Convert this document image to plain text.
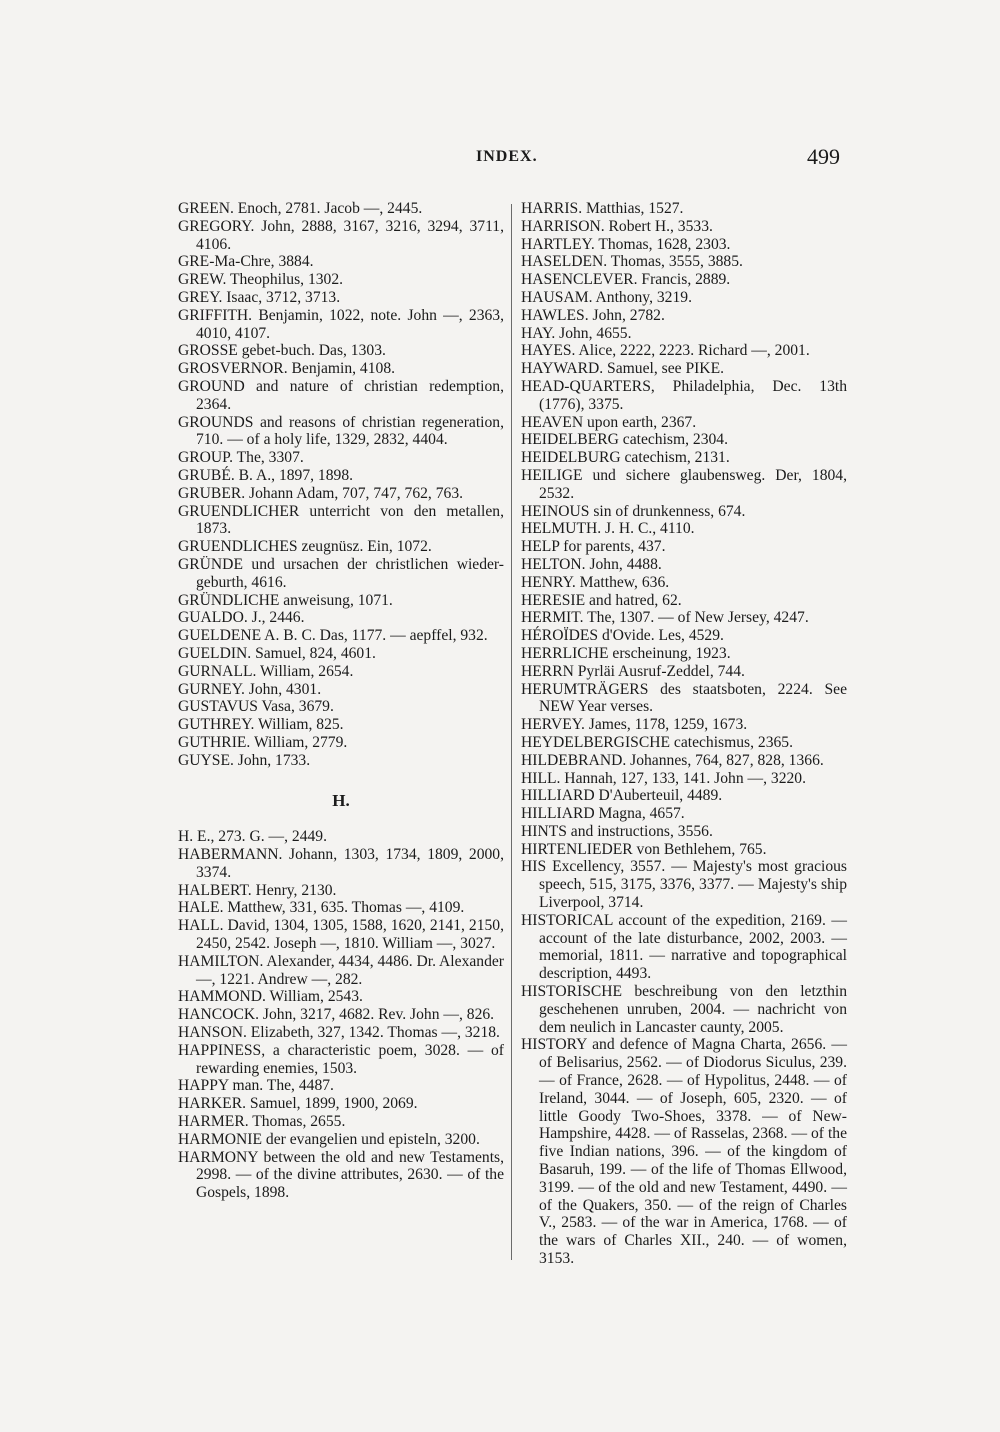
INDEX.	499
GREEN. Enoch, 2781. Jacob —, 2445.
GREGORY. John, 2888, 3167, 3216, 3294, 3711, 4106.
GRE-Ma-Chre, 3884.
GREW. Theophilus, 1302.
GREY. Isaac, 3712, 3713.
GRIFFITH. Benjamin, 1022, note. John —, 2363, 4010, 4107.
GROSSE gebet-buch. Das, 1303.
GROSVERNOR. Benjamin, 4108.
GROUND and nature of christian redemption, 2364.
GROUNDS and reasons of christian regeneration, 710. — of a holy life, 1329, 2832, 4404.
GROUP. The, 3307.
GRUBÉ. B. A., 1897, 1898.
GRUBER. Johann Adam, 707, 747, 762, 763.
GRUENDLICHER unterricht von den metallen, 1873.
GRUENDLICHES zeugnüsz. Ein, 1072.
GRÜNDE und ursachen der christlichen wieder-geburth, 4616.
GRÜNDLICHE anweisung, 1071.
GUALDO. J., 2446.
GUELDENE A. B. C. Das, 1177. — aepffel, 932.
GUELDIN. Samuel, 824, 4601.
GURNALL. William, 2654.
GURNEY. John, 4301.
GUSTAVUS Vasa, 3679.
GUTHREY. William, 825.
GUTHRIE. William, 2779.
GUYSE. John, 1733.
H.
H. E., 273. G. —, 2449.
HABERMANN. Johann, 1303, 1734, 1809, 2000, 3374.
HALBERT. Henry, 2130.
HALE. Matthew, 331, 635. Thomas —, 4109.
HALL. David, 1304, 1305, 1588, 1620, 2141, 2150, 2450, 2542. Joseph —, 1810. William —, 3027.
HAMILTON. Alexander, 4434, 4486. Dr. Alexander —, 1221. Andrew —, 282.
HAMMOND. William, 2543.
HANCOCK. John, 3217, 4682. Rev. John —, 826.
HANSON. Elizabeth, 327, 1342. Thomas —, 3218.
HAPPINESS, a characteristic poem, 3028. — of rewarding enemies, 1503.
HAPPY man. The, 4487.
HARKER. Samuel, 1899, 1900, 2069.
HARMER. Thomas, 2655.
HARMONIE der evangelien und episteln, 3200.
HARMONY between the old and new Testaments, 2998. — of the divine attributes, 2630. — of the Gospels, 1898.
HARRIS. Matthias, 1527.
HARRISON. Robert H., 3533.
HARTLEY. Thomas, 1628, 2303.
HASELDEN. Thomas, 3555, 3885.
HASENCLEVER. Francis, 2889.
HAUSAM. Anthony, 3219.
HAWLES. John, 2782.
HAY. John, 4655.
HAYES. Alice, 2222, 2223. Richard —, 2001.
HAYWARD. Samuel, see PIKE.
HEAD-QUARTERS, Philadelphia, Dec. 13th (1776), 3375.
HEAVEN upon earth, 2367.
HEIDELBERG catechism, 2304.
HEIDELBURG catechism, 2131.
HEILIGE und sichere glaubensweg. Der, 1804, 2532.
HEINOUS sin of drunkenness, 674.
HELMUTH. J. H. C., 4110.
HELP for parents, 437.
HELTON. John, 4488.
HENRY. Matthew, 636.
HERESIE and hatred, 62.
HERMIT. The, 1307. — of New Jersey, 4247.
HÉROÏDES d'Ovide. Les, 4529.
HERRLICHE erscheinung, 1923.
HERRN Pyrläi Ausruf-Zeddel, 744.
HERUMTRÄGERS des staatsboten, 2224. See NEW Year verses.
HERVEY. James, 1178, 1259, 1673.
HEYDELBERGISCHE catechismus, 2365.
HILDEBRAND. Johannes, 764, 827, 828, 1366.
HILL. Hannah, 127, 133, 141. John —, 3220.
HILLIARD D'Auberteuil, 4489.
HILLIARD Magna, 4657.
HINTS and instructions, 3556.
HIRTENLIEDER von Bethlehem, 765.
HIS Excellency, 3557. — Majesty's most gracious speech, 515, 3175, 3376, 3377. — Majesty's ship Liverpool, 3714.
HISTORICAL account of the expedition, 2169. — account of the late disturbance, 2002, 2003. — memorial, 1811. — narrative and topographical description, 4493.
HISTORISCHE beschreibung von den letzthin geschehenen unruben, 2004. — nachricht von dem neulich in Lancaster caunty, 2005.
HISTORY and defence of Magna Charta, 2656. — of Belisarius, 2562. — of Diodorus Siculus, 239. — of France, 2628. — of Hypolitus, 2448. — of Ireland, 3044. — of Joseph, 605, 2320. — of little Goody Two-Shoes, 3378. — of New-Hampshire, 4428. — of Rasselas, 2368. — of the five Indian nations, 396. — of the kingdom of Basaruh, 199. — of the life of Thomas Ellwood, 3199. — of the old and new Testament, 4490. — of the Quakers, 350. — of the reign of Charles V., 2583. — of the war in America, 1768. — of the wars of Charles XII., 240. — of women, 3153.
